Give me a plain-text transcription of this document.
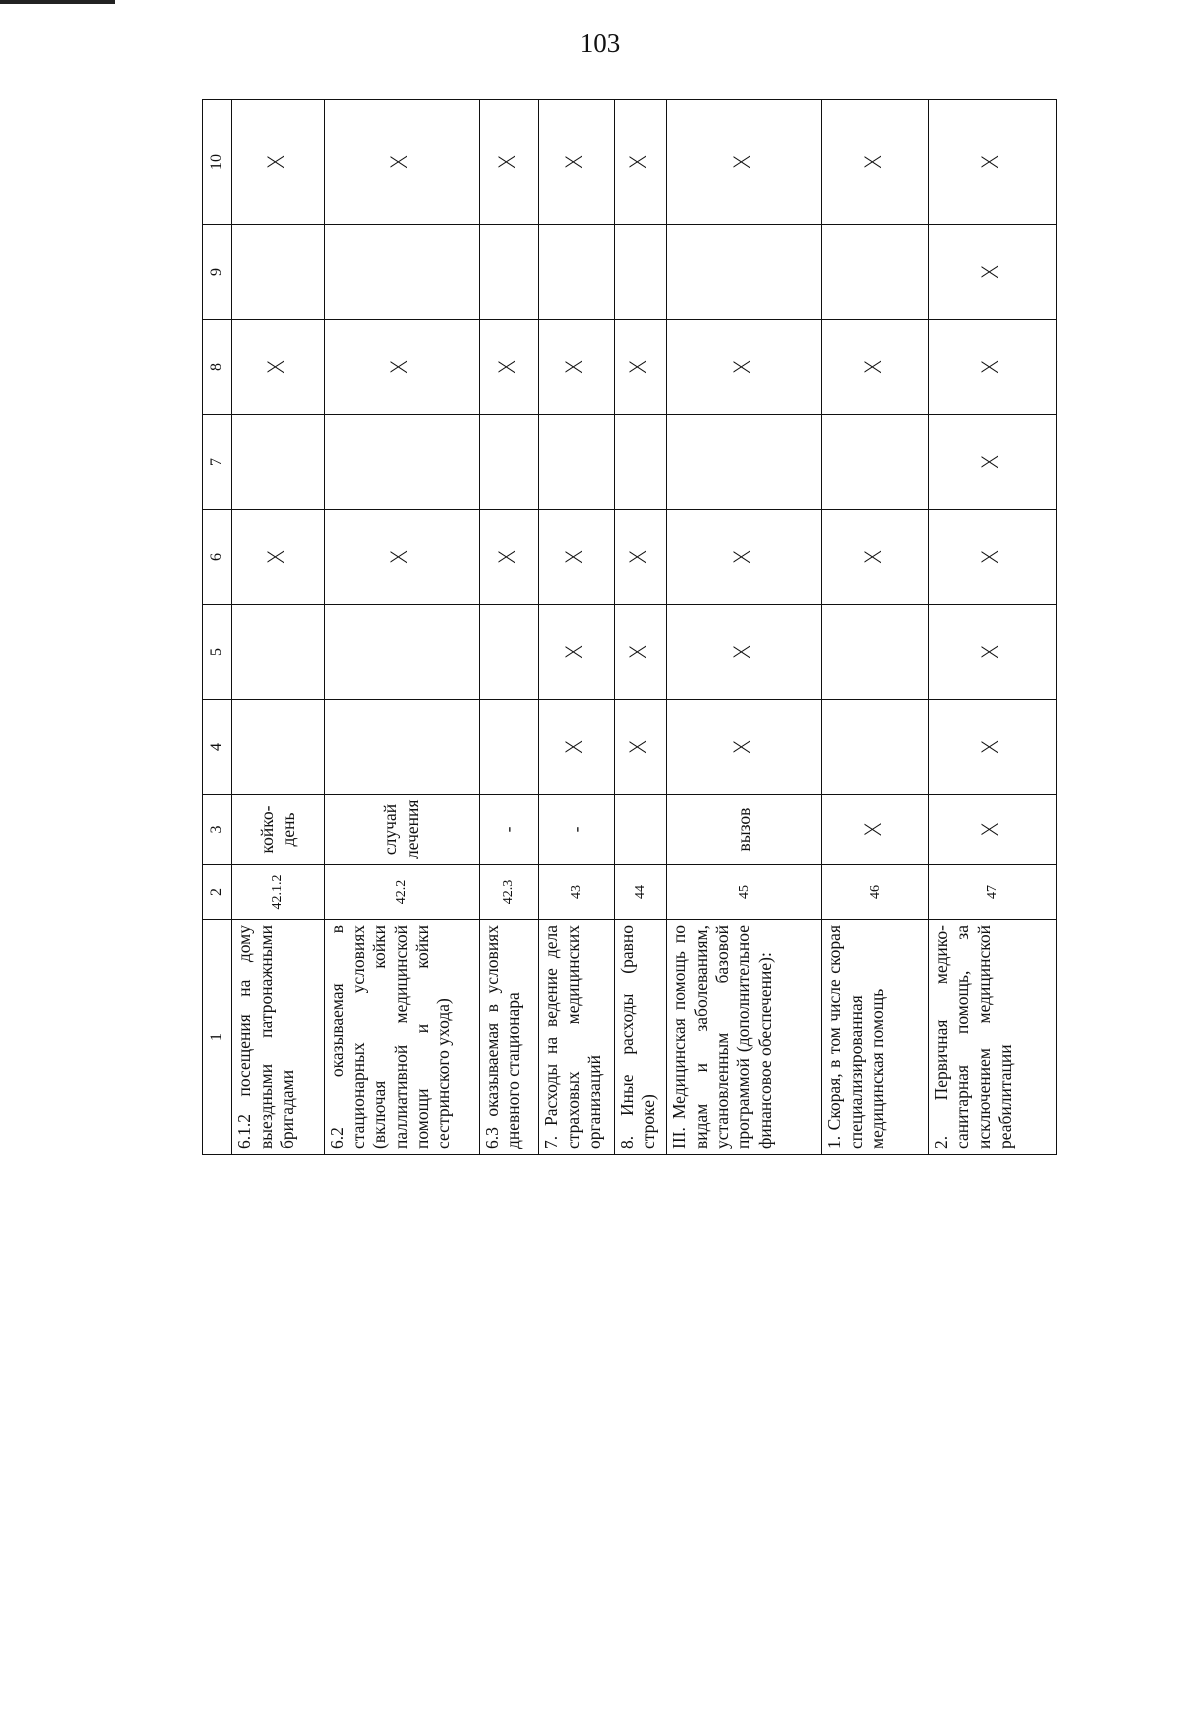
103
1	2	3	4	5	6	7	8	9	10
6.1.2 посещения на дому выездными патронажными бригадами	42.1.2	койко-день			X		X		X
6.2 оказываемая в стационарных условиях (включая койки паллиативной медицинской помощи и койки сестринского ухода)	42.2	случай лечения			X		X		X
6.3 оказываемая в условиях дневного стационара	42.3	-			X		X		X
7. Расходы на ведение дела страховых медицинских организаций	43	-	X	X	X		X		X
8. Иные расходы (равно строке)	44		X	X	X		X		X
III. Медицинская помощь по видам и заболеваниям, установленным базовой программой (дополнительное финансовое обеспечение):	45	вызов	X	X	X		X		X
1. Скорая, в том числе скорая специализированная медицинская помощь	46	X			X		X		X
2. Первичная медико-санитарная помощь, за исключением медицинской реабилитации	47	X	X	X	X	X	X	X	X
